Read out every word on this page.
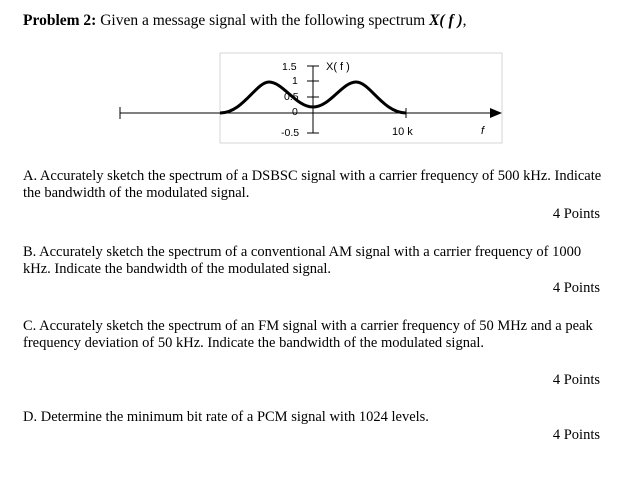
Problem 2: Given a message signal with the following spectrum X( f ),
1.5
1
0.5
0
-0.5
X( f )
10 k	f
A. Accurately sketch the spectrum of a DSBSC signal with a carrier frequency of 500 kHz. Indicate the bandwidth of the modulated signal.
4 Points
B. Accurately sketch the spectrum of a conventional AM signal with a carrier frequency of 1000 kHz. Indicate the bandwidth of the modulated signal.
4 Points
C. Accurately sketch the spectrum of an FM signal with a carrier frequency of 50 MHz and a peak frequency deviation of 50 kHz. Indicate the bandwidth of the modulated signal.
4 Points
D. Determine the minimum bit rate of a PCM signal with 1024 levels.
4 Points
